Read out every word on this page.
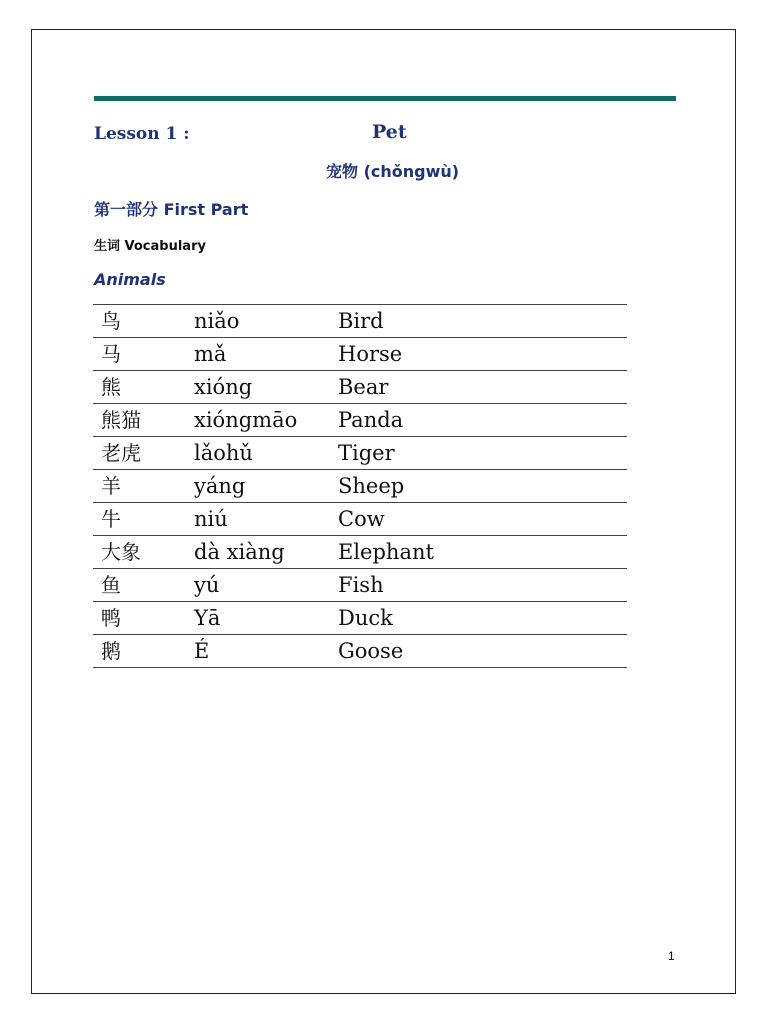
Lesson 1 :	Pet
宠物 (chǒngwù)
第一部分 First Part
生词 Vocabulary
Animals
鸟	niǎo	Bird
马	mǎ	Horse
熊	xióng	Bear
熊猫	xióngmāo	Panda
老虎	lǎohǔ	Tiger
羊	yáng	Sheep
牛	niú	Cow
大象	dà xiàng	Elephant
鱼	yú	Fish
鸭	Yā	Duck
鹅	É	Goose
1
